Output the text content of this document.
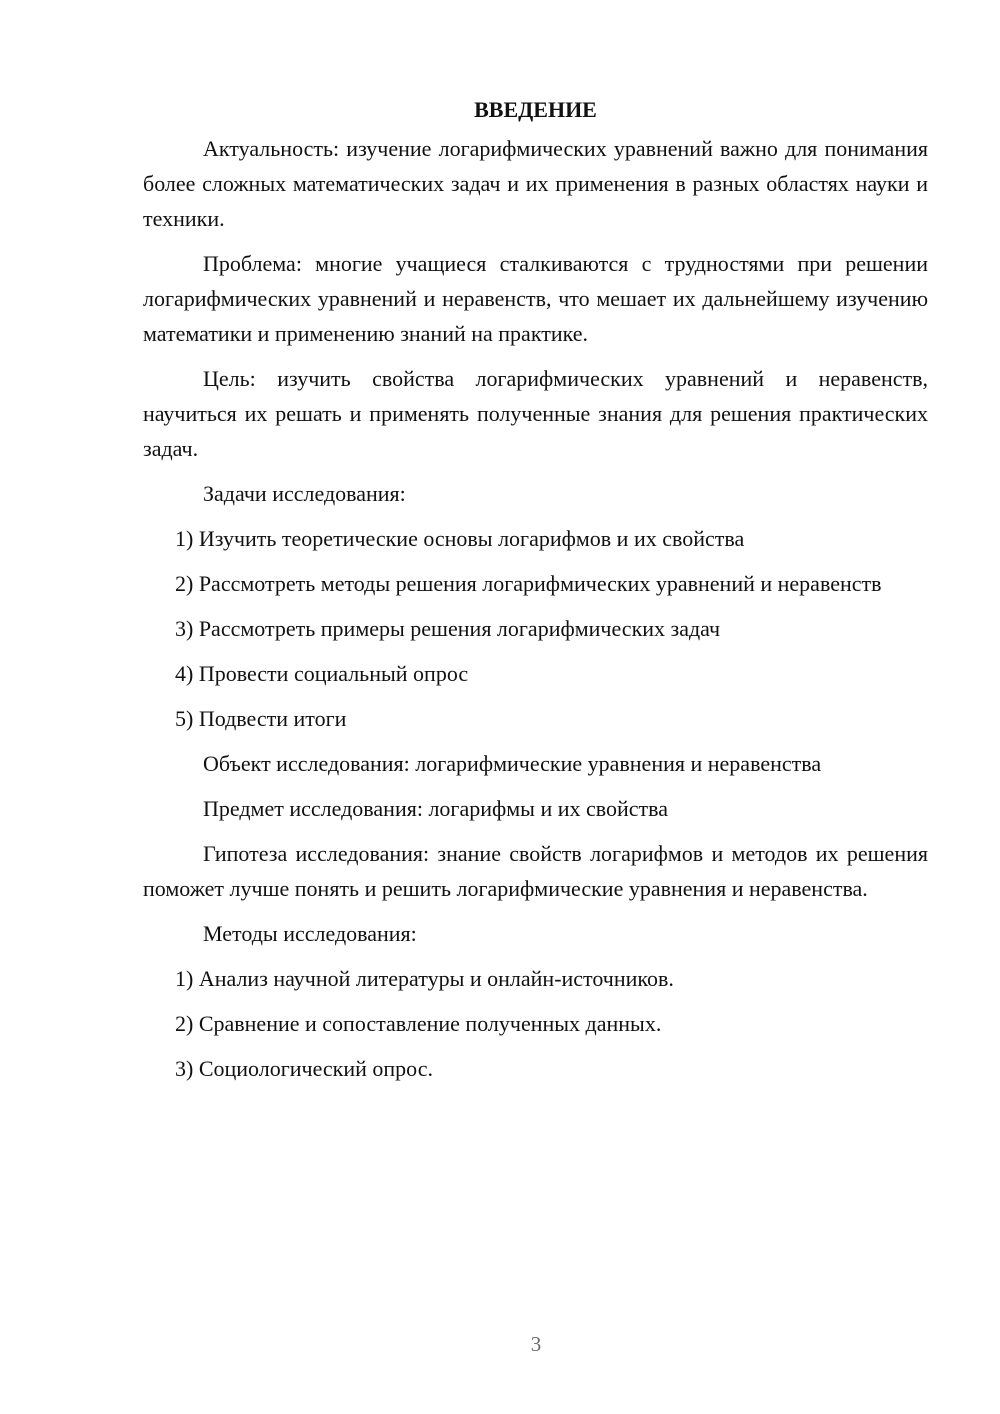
ВВЕДЕНИЕ

Актуальность: изучение логарифмических уравнений важно для понимания более сложных математических задач и их применения в разных областях науки и техники.

Проблема: многие учащиеся сталкиваются с трудностями при решении логарифмических уравнений и неравенств, что мешает их дальнейшему изучению математики и применению знаний на практике.

Цель: изучить свойства логарифмических уравнений и неравенств, научиться их решать и применять полученные знания для решения практических задач.

Задачи исследования:
1) Изучить теоретические основы логарифмов и их свойства

2) Рассмотреть методы решения логарифмических уравнений и неравенств

3) Рассмотреть примеры решения логарифмических задач
4) Провести социальный опрос
5) Подвести итоги
Объект исследования: логарифмические уравнения и неравенства
Предмет исследования: логарифмы и их свойства

Гипотеза исследования: знание свойств логарифмов и методов их решения поможет лучше понять и решить логарифмические уравнения и неравенства.

Методы исследования:
1) Анализ научной литературы и онлайн-источников.
2) Сравнение и сопоставление полученных данных.
3) Социологический опрос.
3
